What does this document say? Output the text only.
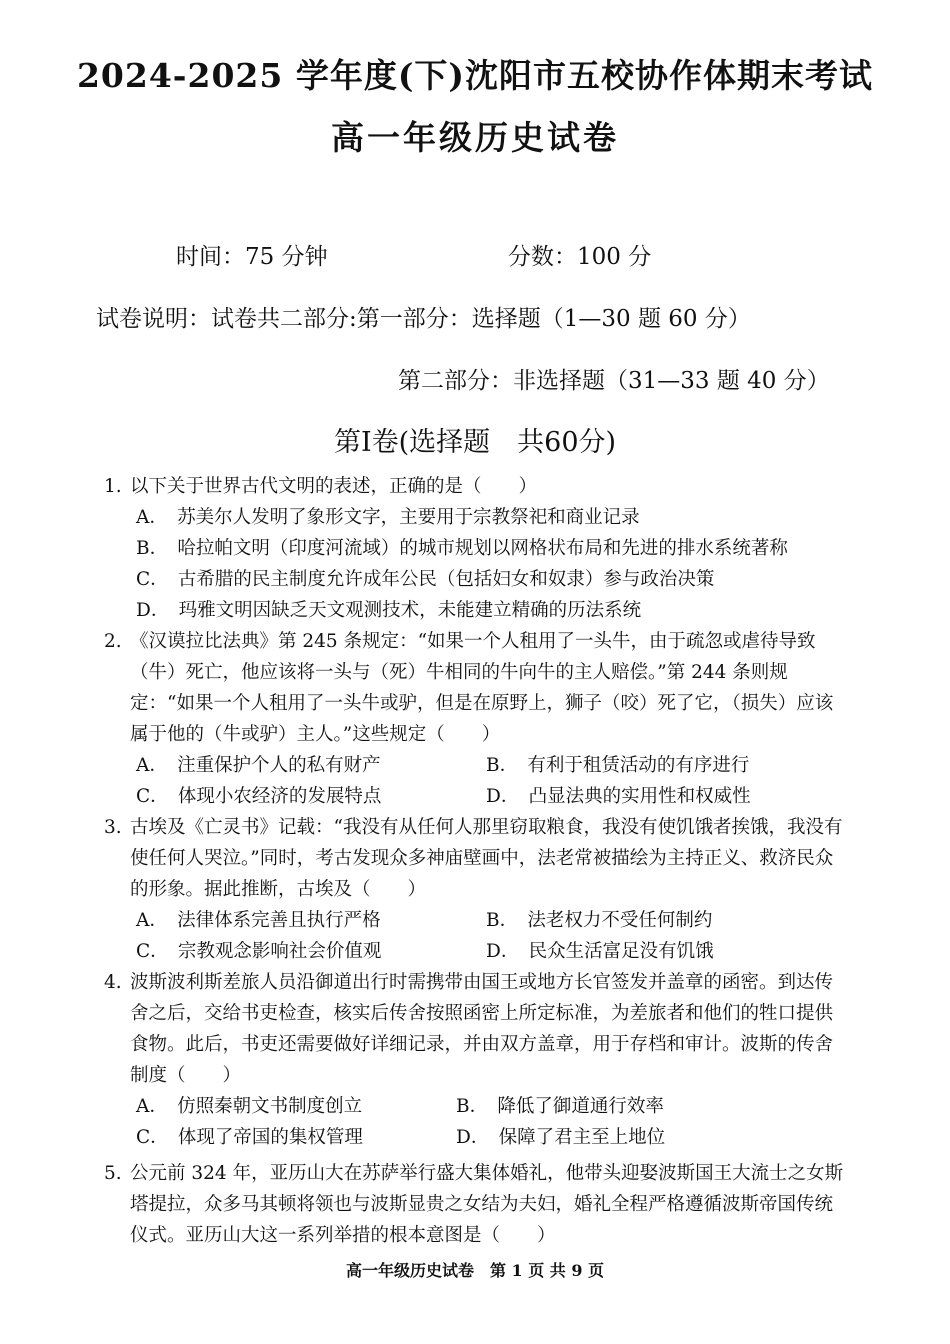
2024-2025 学年度(下)沈阳市五校协作体期末考试
高一年级历史试卷
时间：75 分钟	分数：100 分
试卷说明：试卷共二部分:第一部分：选择题（1—30 题 60 分）
第二部分：非选择题（31—33 题 40 分）
第Ⅰ卷(选择题　共60分)
1. 以下关于世界古代文明的表述，正确的是（　　）
A．　苏美尔人发明了象形文字，主要用于宗教祭祀和商业记录
B．　哈拉帕文明（印度河流域）的城市规划以网格状布局和先进的排水系统著称
C．　古希腊的民主制度允许成年公民（包括妇女和奴隶）参与政治决策
D．　玛雅文明因缺乏天文观测技术，未能建立精确的历法系统
2. 《汉谟拉比法典》第 245 条规定：“如果一个人租用了一头牛，由于疏忽或虐待导致（牛）死亡，他应该将一头与（死）牛相同的牛向牛的主人赔偿。”第 244 条则规定：“如果一个人租用了一头牛或驴，但是在原野上，狮子（咬）死了它，（损失）应该属于他的（牛或驴）主人。”这些规定（　　）
A．　注重保护个人的私有财产	B．　有利于租赁活动的有序进行
C．　体现小农经济的发展特点	D．　凸显法典的实用性和权威性
3. 古埃及《亡灵书》记载：“我没有从任何人那里窃取粮食，我没有使饥饿者挨饿，我没有使任何人哭泣。”同时，考古发现众多神庙壁画中，法老常被描绘为主持正义、救济民众的形象。据此推断，古埃及（　　）
A．　法律体系完善且执行严格	B．　法老权力不受任何制约
C．　宗教观念影响社会价值观	D．　民众生活富足没有饥饿
4. 波斯波利斯差旅人员沿御道出行时需携带由国王或地方长官签发并盖章的函密。到达传舍之后，交给书吏检查，核实后传舍按照函密上所定标准，为差旅者和他们的牲口提供食物。此后，书吏还需要做好详细记录，并由双方盖章，用于存档和审计。波斯的传舍制度（　　）
A．　仿照秦朝文书制度创立	B．　降低了御道通行效率
C．　体现了帝国的集权管理	D．　保障了君主至上地位
5. 公元前 324 年，亚历山大在苏萨举行盛大集体婚礼，他带头迎娶波斯国王大流士之女斯塔提拉，众多马其顿将领也与波斯显贵之女结为夫妇，婚礼全程严格遵循波斯帝国传统仪式。亚历山大这一系列举措的根本意图是（　　）
高一年级历史试卷　第 1 页 共 9 页
